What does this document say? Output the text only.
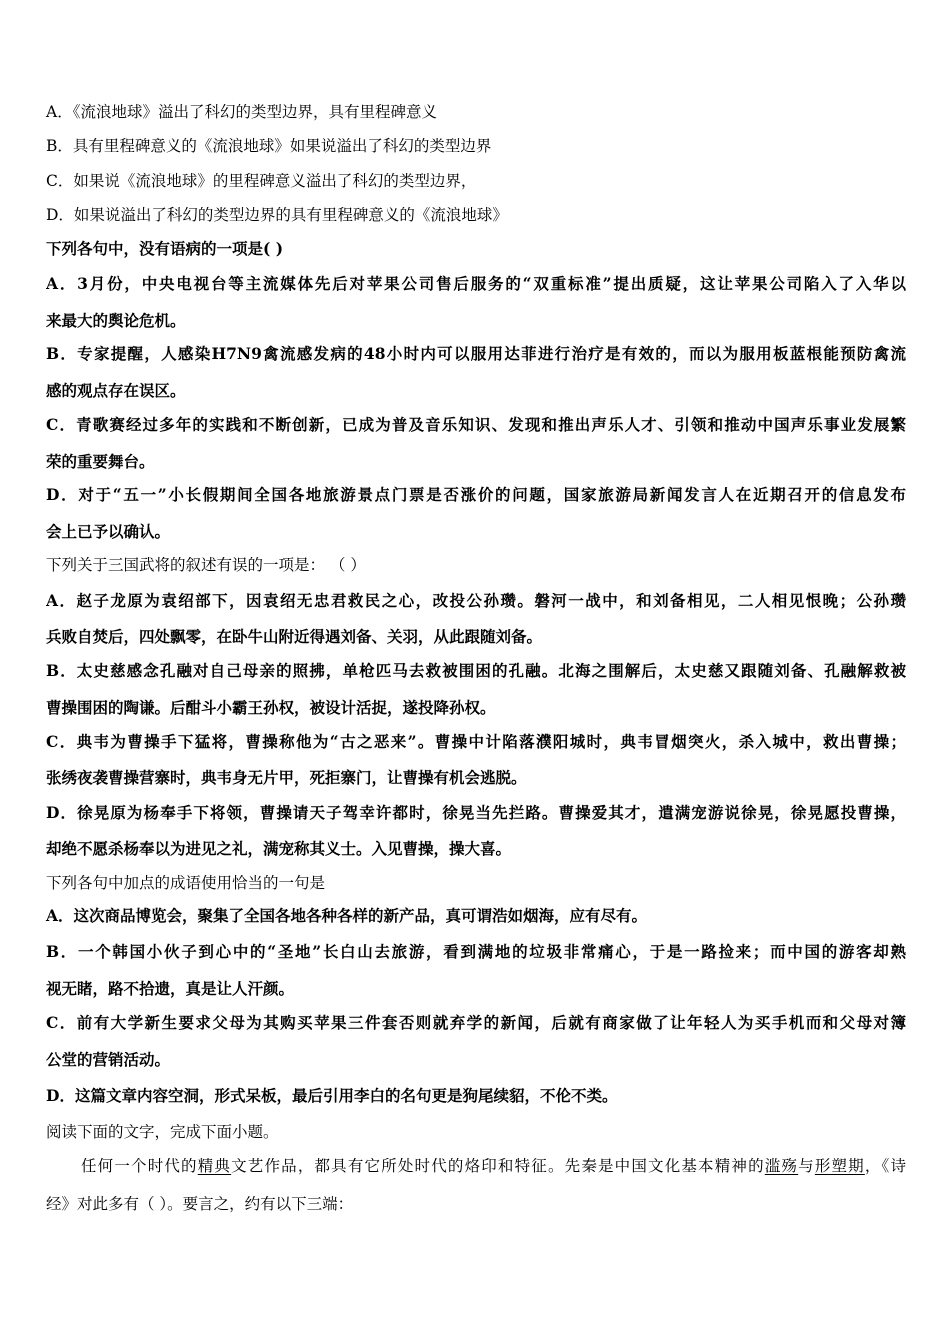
A．《流浪地球》溢出了科幻的类型边界，具有里程碑意义
B．具有里程碑意义的《流浪地球》如果说溢出了科幻的类型边界
C．如果说《流浪地球》的里程碑意义溢出了科幻的类型边界，
D．如果说溢出了科幻的类型边界的具有里程碑意义的《流浪地球》
下列各句中，没有语病的一项是( )
A．3月份，中央电视台等主流媒体先后对苹果公司售后服务的“双重标准”提出质疑，这让苹果公司陷入了入华以
来最大的舆论危机。
B．专家提醒，人感染H7N9禽流感发病的48小时内可以服用达菲进行治疗是有效的，而以为服用板蓝根能预防禽流
感的观点存在误区。
C．青歌赛经过多年的实践和不断创新，已成为普及音乐知识、发现和推出声乐人才、引领和推动中国声乐事业发展繁
荣的重要舞台。
D．对于“五一”小长假期间全国各地旅游景点门票是否涨价的问题，国家旅游局新闻发言人在近期召开的信息发布
会上已予以确认。
下列关于三国武将的叙述有误的一项是： （ ）
A．赵子龙原为袁绍部下，因袁绍无忠君救民之心，改投公孙瓒。磐河一战中，和刘备相见，二人相见恨晚；公孙瓒
兵败自焚后，四处飘零，在卧牛山附近得遇刘备、关羽，从此跟随刘备。
B．太史慈感念孔融对自己母亲的照拂，单枪匹马去救被围困的孔融。北海之围解后，太史慈又跟随刘备、孔融解救被
曹操围困的陶谦。后酣斗小霸王孙权，被设计活捉，遂投降孙权。
C．典韦为曹操手下猛将，曹操称他为“古之恶来”。曹操中计陷落濮阳城时，典韦冒烟突火，杀入城中，救出曹操；
张绣夜袭曹操营寨时，典韦身无片甲，死拒寨门，让曹操有机会逃脱。
D．徐晃原为杨奉手下将领，曹操请天子驾幸许都时，徐晃当先拦路。曹操爱其才，遣满宠游说徐晃，徐晃愿投曹操，
却绝不愿杀杨奉以为进见之礼，满宠称其义士。入见曹操，操大喜。
下列各句中加点的成语使用恰当的一句是
A．这次商品博览会，聚集了全国各地各种各样的新产品，真可谓浩如烟海，应有尽有。
B．一个韩国小伙子到心中的“圣地”长白山去旅游，看到满地的垃圾非常痛心，于是一路捡来；而中国的游客却熟
视无睹，路不拾遗，真是让人汗颜。
C．前有大学新生要求父母为其购买苹果三件套否则就弃学的新闻，后就有商家做了让年轻人为买手机而和父母对簿
公堂的营销活动。
D．这篇文章内容空洞，形式呆板，最后引用李白的名句更是狗尾续貂，不伦不类。
阅读下面的文字，完成下面小题。
任何一个时代的精典文艺作品，都具有它所处时代的烙印和特征。先秦是中国文化基本精神的滥殇与形塑期，《诗
经》对此多有（ ）。要言之，约有以下三端：
